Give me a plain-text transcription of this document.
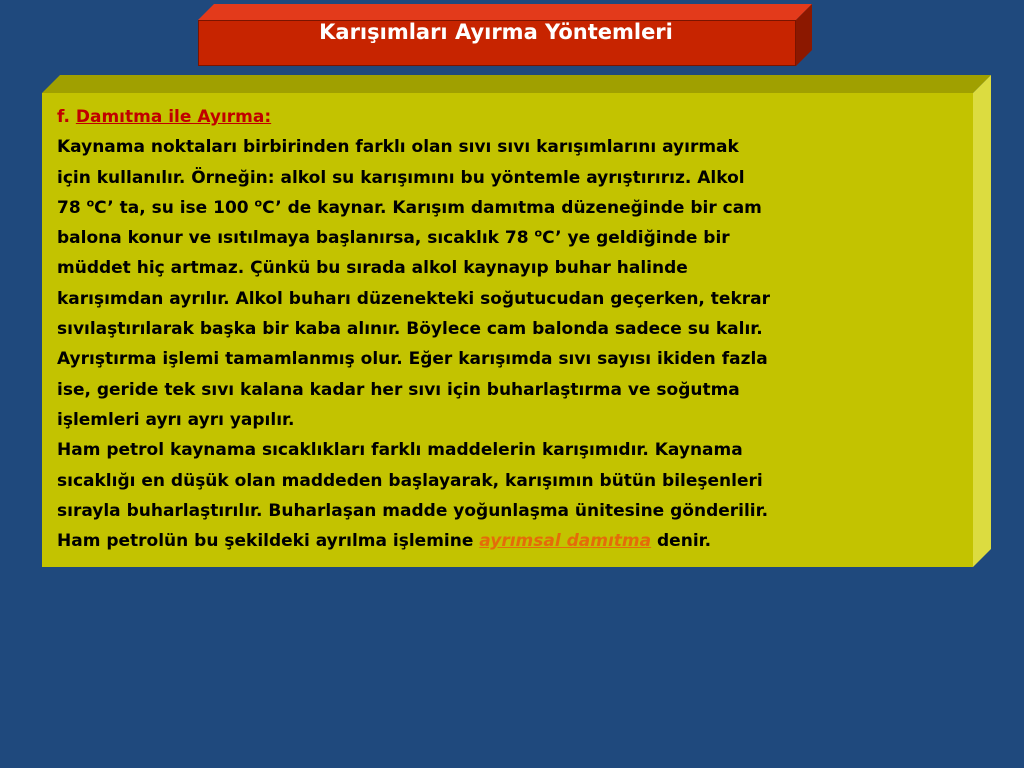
Karışımları Ayırma Yöntemleri
f. Damıtma ile Ayırma:
Kaynama noktaları birbirinden farklı olan sıvı sıvı karışımlarını ayırmak
için kullanılır. Örneğin: alkol su karışımını bu yöntemle ayrıştırırız. Alkol
78 $^o$C’ ta, su ise 100 $^o$C’ de kaynar. Karışım damıtma düzeneğinde bir cam
balona konur ve ısıtılmaya başlanırsa, sıcaklık 78 $^o$C’ ye geldiğinde bir
müddet hiç artmaz. Çünkü bu sırada alkol kaynayıp buhar halinde
karışımdan ayrılır. Alkol buharı düzenekteki soğutucudan geçerken, tekrar
sıvılaştırılarak başka bir kaba alınır. Böylece cam balonda sadece su kalır.
Ayrıştırma işlemi tamamlanmış olur. Eğer karışımda sıvı sayısı ikiden fazla
ise, geride tek sıvı kalana kadar her sıvı için buharlaştırma ve soğutma
işlemleri ayrı ayrı yapılır.
Ham petrol kaynama sıcaklıkları farklı maddelerin karışımıdır. Kaynama
sıcaklığı en düşük olan maddeden başlayarak, karışımın bütün bileşenleri
sırayla buharlaştırılır. Buharlaşan madde yoğunlaşma ünitesine gönderilir.
Ham petrolün bu şekildeki ayrılma işlemine ayrımsal damıtma denir.
